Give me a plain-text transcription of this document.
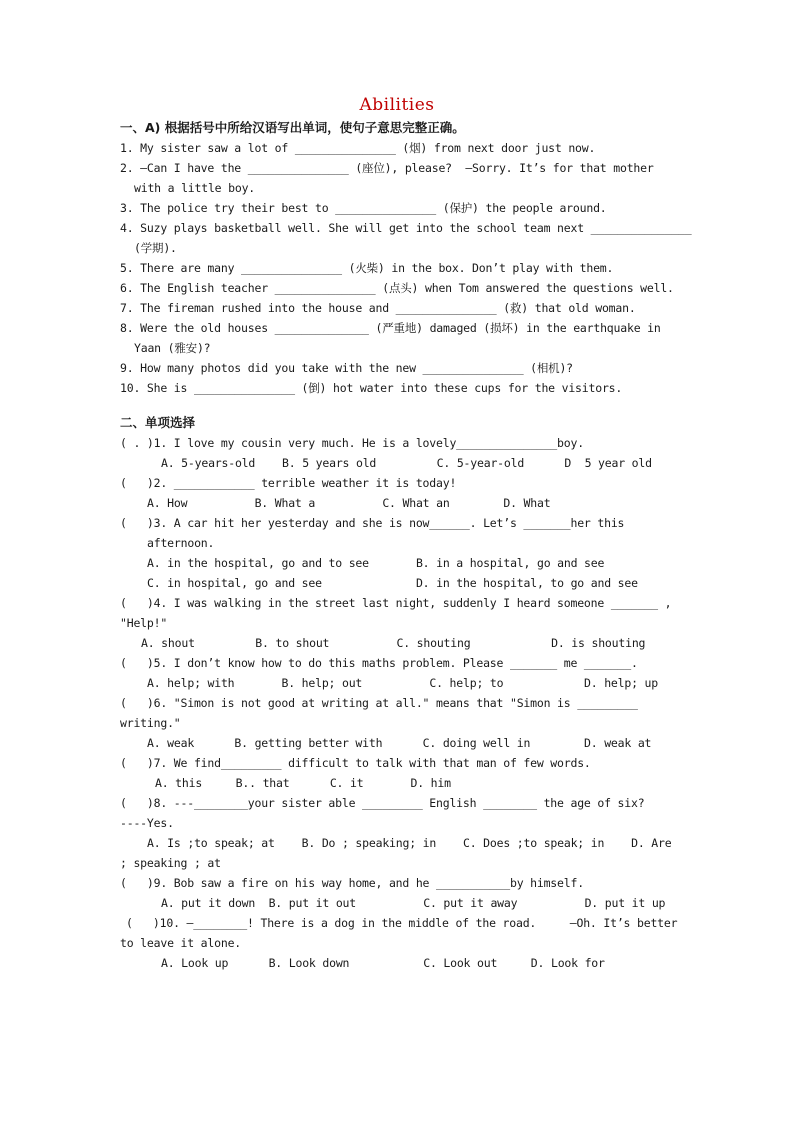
Abilities
一、A) 根据括号中所给汉语写出单词，使句子意思完整正确。
1. My sister saw a lot of _______________ (烟) from next door just now.
2. —Can I have the _______________ (座位), please?  —Sorry. It’s for that mother
with a little boy.
3. The police try their best to _______________ (保护) the people around.
4. Suzy plays basketball well. She will get into the school team next _______________
(学期).
5. There are many _______________ (火柴) in the box. Don’t play with them.
6. The English teacher _______________ (点头) when Tom answered the questions well.
7. The fireman rushed into the house and _______________ (救) that old woman.
8. Were the old houses ______________ (严重地) damaged (损坏) in the earthquake in
Yaan (雅安)?
9. How many photos did you take with the new _______________ (相机)?
10. She is _______________ (倒) hot water into these cups for the visitors.
二、单项选择
( . )1. I love my cousin very much. He is a lovely_______________boy.
A. 5-years-old    B. 5 years old         C. 5-year-old      D  5 year old
(   )2. ____________ terrible weather it is today!
A. How          B. What a          C. What an        D. What
(   )3. A car hit her yesterday and she is now______. Let’s _______her this
afternoon.
A. in the hospital, go and to see       B. in a hospital, go and see
C. in hospital, go and see              D. in the hospital, to go and see
(   )4. I was walking in the street last night, suddenly I heard someone _______ ,
"Help!"
A. shout         B. to shout          C. shouting            D. is shouting
(   )5. I don’t know how to do this maths problem. Please _______ me _______.
A. help; with       B. help; out          C. help; to            D. help; up
(   )6. "Simon is not good at writing at all." means that "Simon is _________
writing."
A. weak      B. getting better with      C. doing well in        D. weak at
(   )7. We find_________ difficult to talk with that man of few words.
A. this     B.. that      C. it       D. him
(   )8. ---________your sister able _________ English ________ the age of six?
----Yes.
A. Is ;to speak; at    B. Do ; speaking; in    C. Does ;to speak; in    D. Are
; speaking ; at
(   )9. Bob saw a fire on his way home, and he ___________by himself.
A. put it down  B. put it out          C. put it away          D. put it up
(   )10. —________! There is a dog in the middle of the road.     —Oh. It’s better
to leave it alone.
A. Look up      B. Look down           C. Look out     D. Look for
